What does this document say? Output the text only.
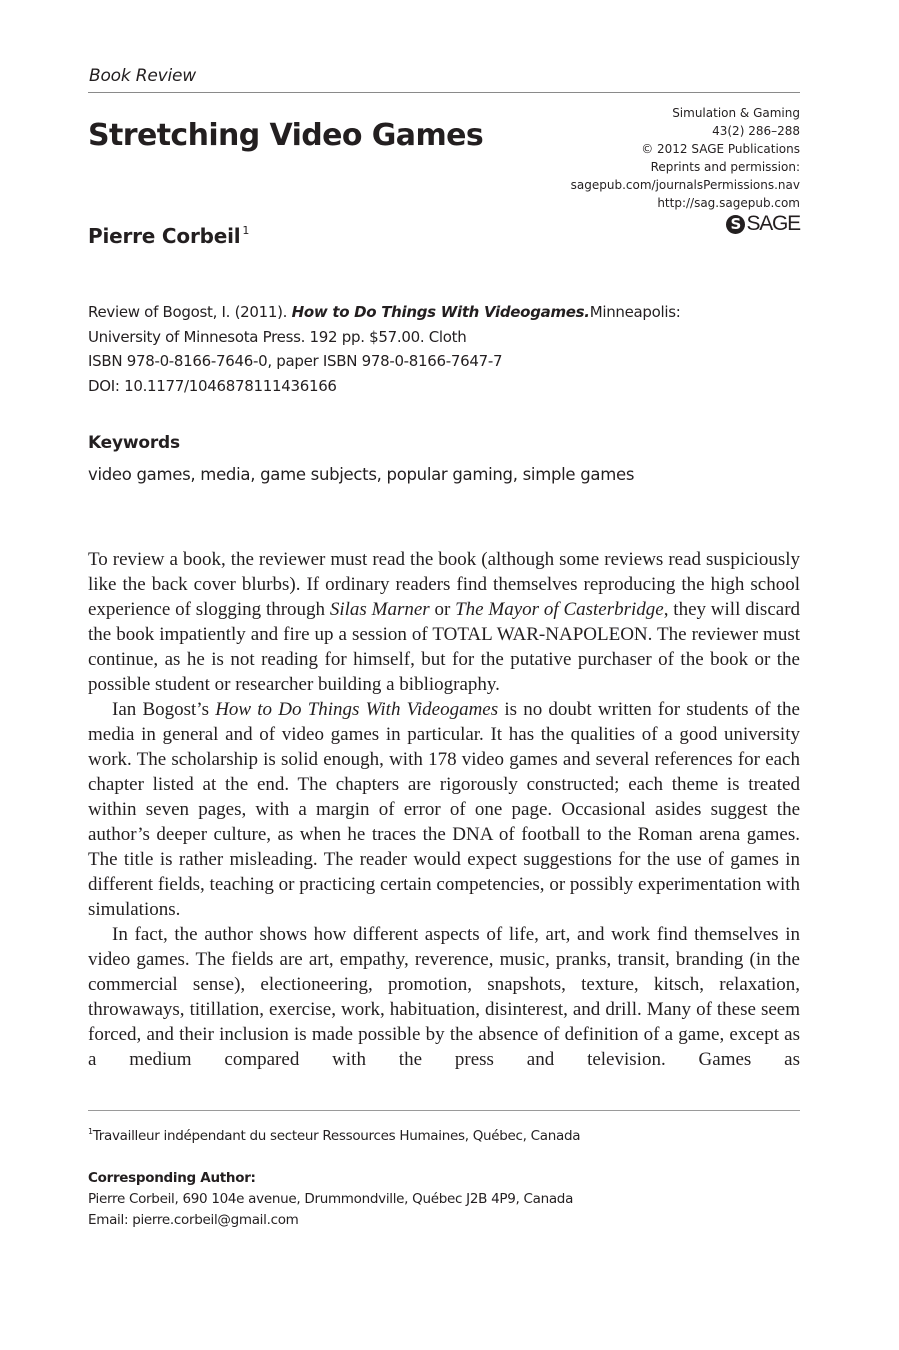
Book Review
Stretching Video Games
Simulation & Gaming
43(2) 286–288
© 2012 SAGE Publications
Reprints and permission:
sagepub.com/journalsPermissions.nav
http://sag.sagepub.com
S SAGE
Pierre Corbeil $^1$
Review of Bogost, I. (2011). How to Do Things With Videogames.Minneapolis:
University of Minnesota Press. 192 pp. $57.00. Cloth
ISBN 978-0-8166-7646-0, paper ISBN 978-0-8166-7647-7
DOI: 10.1177/1046878111436166
Keywords
video games, media, game subjects, popular gaming, simple games

To review a book, the reviewer must read the book (although some reviews read suspiciously like the back cover blurbs). If ordinary readers find themselves reproducing the high school experience of slogging through Silas Marner or The Mayor of Casterbridge, they will discard the book impatiently and fire up a session of TOTAL WAR-NAPOLEON. The reviewer must continue, as he is not reading for himself, but for the putative purchaser of the book or the possible student or researcher building a bibliography.

Ian Bogost’s How to Do Things With Videogames is no doubt written for students of the media in general and of video games in particular. It has the qualities of a good university work. The scholarship is solid enough, with 178 video games and several references for each chapter listed at the end. The chapters are rigorously constructed; each theme is treated within seven pages, with a margin of error of one page. Occasional asides suggest the author’s deeper culture, as when he traces the DNA of football to the Roman arena games. The title is rather misleading. The reader would expect suggestions for the use of games in different fields, teaching or practicing certain competencies, or possibly experimentation with simulations.

In fact, the author shows how different aspects of life, art, and work find themselves in video games. The fields are art, empathy, reverence, music, pranks, transit, branding (in the commercial sense), electioneering, promotion, snapshots, texture, kitsch, relaxation, throwaways, titillation, exercise, work, habituation, disinterest, and drill. Many of these seem forced, and their inclusion is made possible by the absence of definition of a game, except as a medium compared with the press and television. Games as

$^1$Travailleur indépendant du secteur Ressources Humaines, Québec, Canada
Corresponding Author:
Pierre Corbeil, 690 104e avenue, Drummondville, Québec J2B 4P9, Canada
Email: pierre.corbeil@gmail.com
